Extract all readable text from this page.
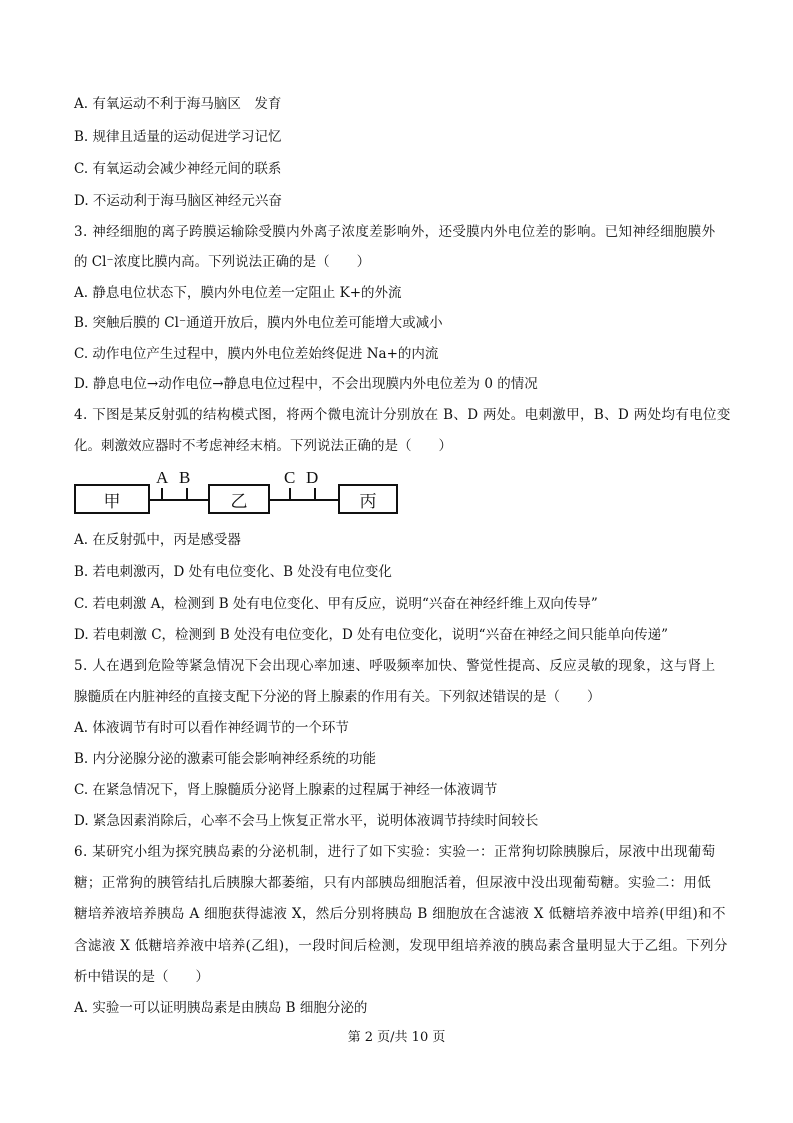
A. 有氧运动不利于海马脑区　发育
B. 规律且适量的运动促进学习记忆
C. 有氧运动会减少神经元间的联系
D. 不运动利于海马脑区神经元兴奋
3. 神经细胞的离子跨膜运输除受膜内外离子浓度差影响外，还受膜内外电位差的影响。已知神经细胞膜外
的 Cl⁻浓度比膜内高。下列说法正确的是（　　）
A. 静息电位状态下，膜内外电位差一定阻止 K+的外流
B. 突触后膜的 Cl⁻通道开放后，膜内外电位差可能增大或减小
C. 动作电位产生过程中，膜内外电位差始终促进 Na+的内流
D. 静息电位→动作电位→静息电位过程中，不会出现膜内外电位差为 0 的情况
4. 下图是某反射弧的结构模式图，将两个微电流计分别放在 B、D 两处。电刺激甲，B、D 两处均有电位变
化。刺激效应器时不考虑神经末梢。下列说法正确的是（　　）
甲	乙	丙
A B	C D
A. 在反射弧中，丙是感受器
B. 若电刺激丙，D 处有电位变化、B 处没有电位变化
C. 若电刺激 A，检测到 B 处有电位变化、甲有反应，说明“兴奋在神经纤维上双向传导”
D. 若电刺激 C，检测到 B 处没有电位变化，D 处有电位变化，说明“兴奋在神经之间只能单向传递”
5. 人在遇到危险等紧急情况下会出现心率加速、呼吸频率加快、警觉性提高、反应灵敏的现象，这与肾上
腺髓质在内脏神经的直接支配下分泌的肾上腺素的作用有关。下列叙述错误的是（　　）
A. 体液调节有时可以看作神经调节的一个环节
B. 内分泌腺分泌的激素可能会影响神经系统的功能
C. 在紧急情况下，肾上腺髓质分泌肾上腺素的过程属于神经一体液调节
D. 紧急因素消除后，心率不会马上恢复正常水平，说明体液调节持续时间较长
6. 某研究小组为探究胰岛素的分泌机制，进行了如下实验：实验一：正常狗切除胰腺后，尿液中出现葡萄
糖；正常狗的胰管结扎后胰腺大都萎缩，只有内部胰岛细胞活着，但尿液中没出现葡萄糖。实验二：用低
糖培养液培养胰岛 A 细胞获得滤液 X，然后分别将胰岛 B 细胞放在含滤液 X 低糖培养液中培养(甲组)和不
含滤液 X 低糖培养液中培养(乙组)，一段时间后检测，发现甲组培养液的胰岛素含量明显大于乙组。下列分
析中错误的是（　　）
A. 实验一可以证明胰岛素是由胰岛 B 细胞分泌的
第 2 页/共 10 页
